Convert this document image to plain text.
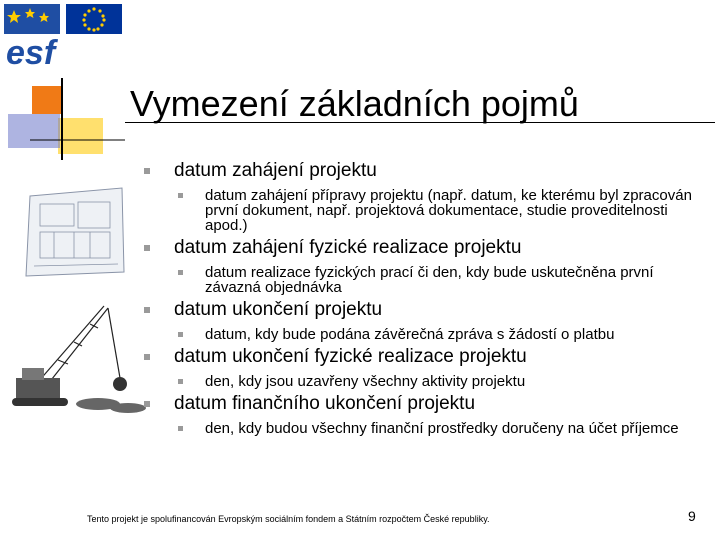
esf
Vymezení základních pojmů
datum zahájení projektu
datum zahájení přípravy projektu (např. datum, ke kterému byl zpracován první dokument, např. projektová dokumentace, studie proveditelnosti apod.)
datum zahájení fyzické realizace projektu
datum realizace fyzických prací či den, kdy bude uskutečněna první závazná objednávka
datum ukončení projektu
datum, kdy bude podána závěrečná zpráva s žádostí o platbu
datum ukončení fyzické realizace projektu
den, kdy jsou uzavřeny všechny aktivity projektu
datum finančního ukončení projektu
den, kdy budou všechny finanční prostředky doručeny na účet příjemce
Tento projekt je spolufinancován Evropským sociálním fondem a Státním rozpočtem České republiky.	9
